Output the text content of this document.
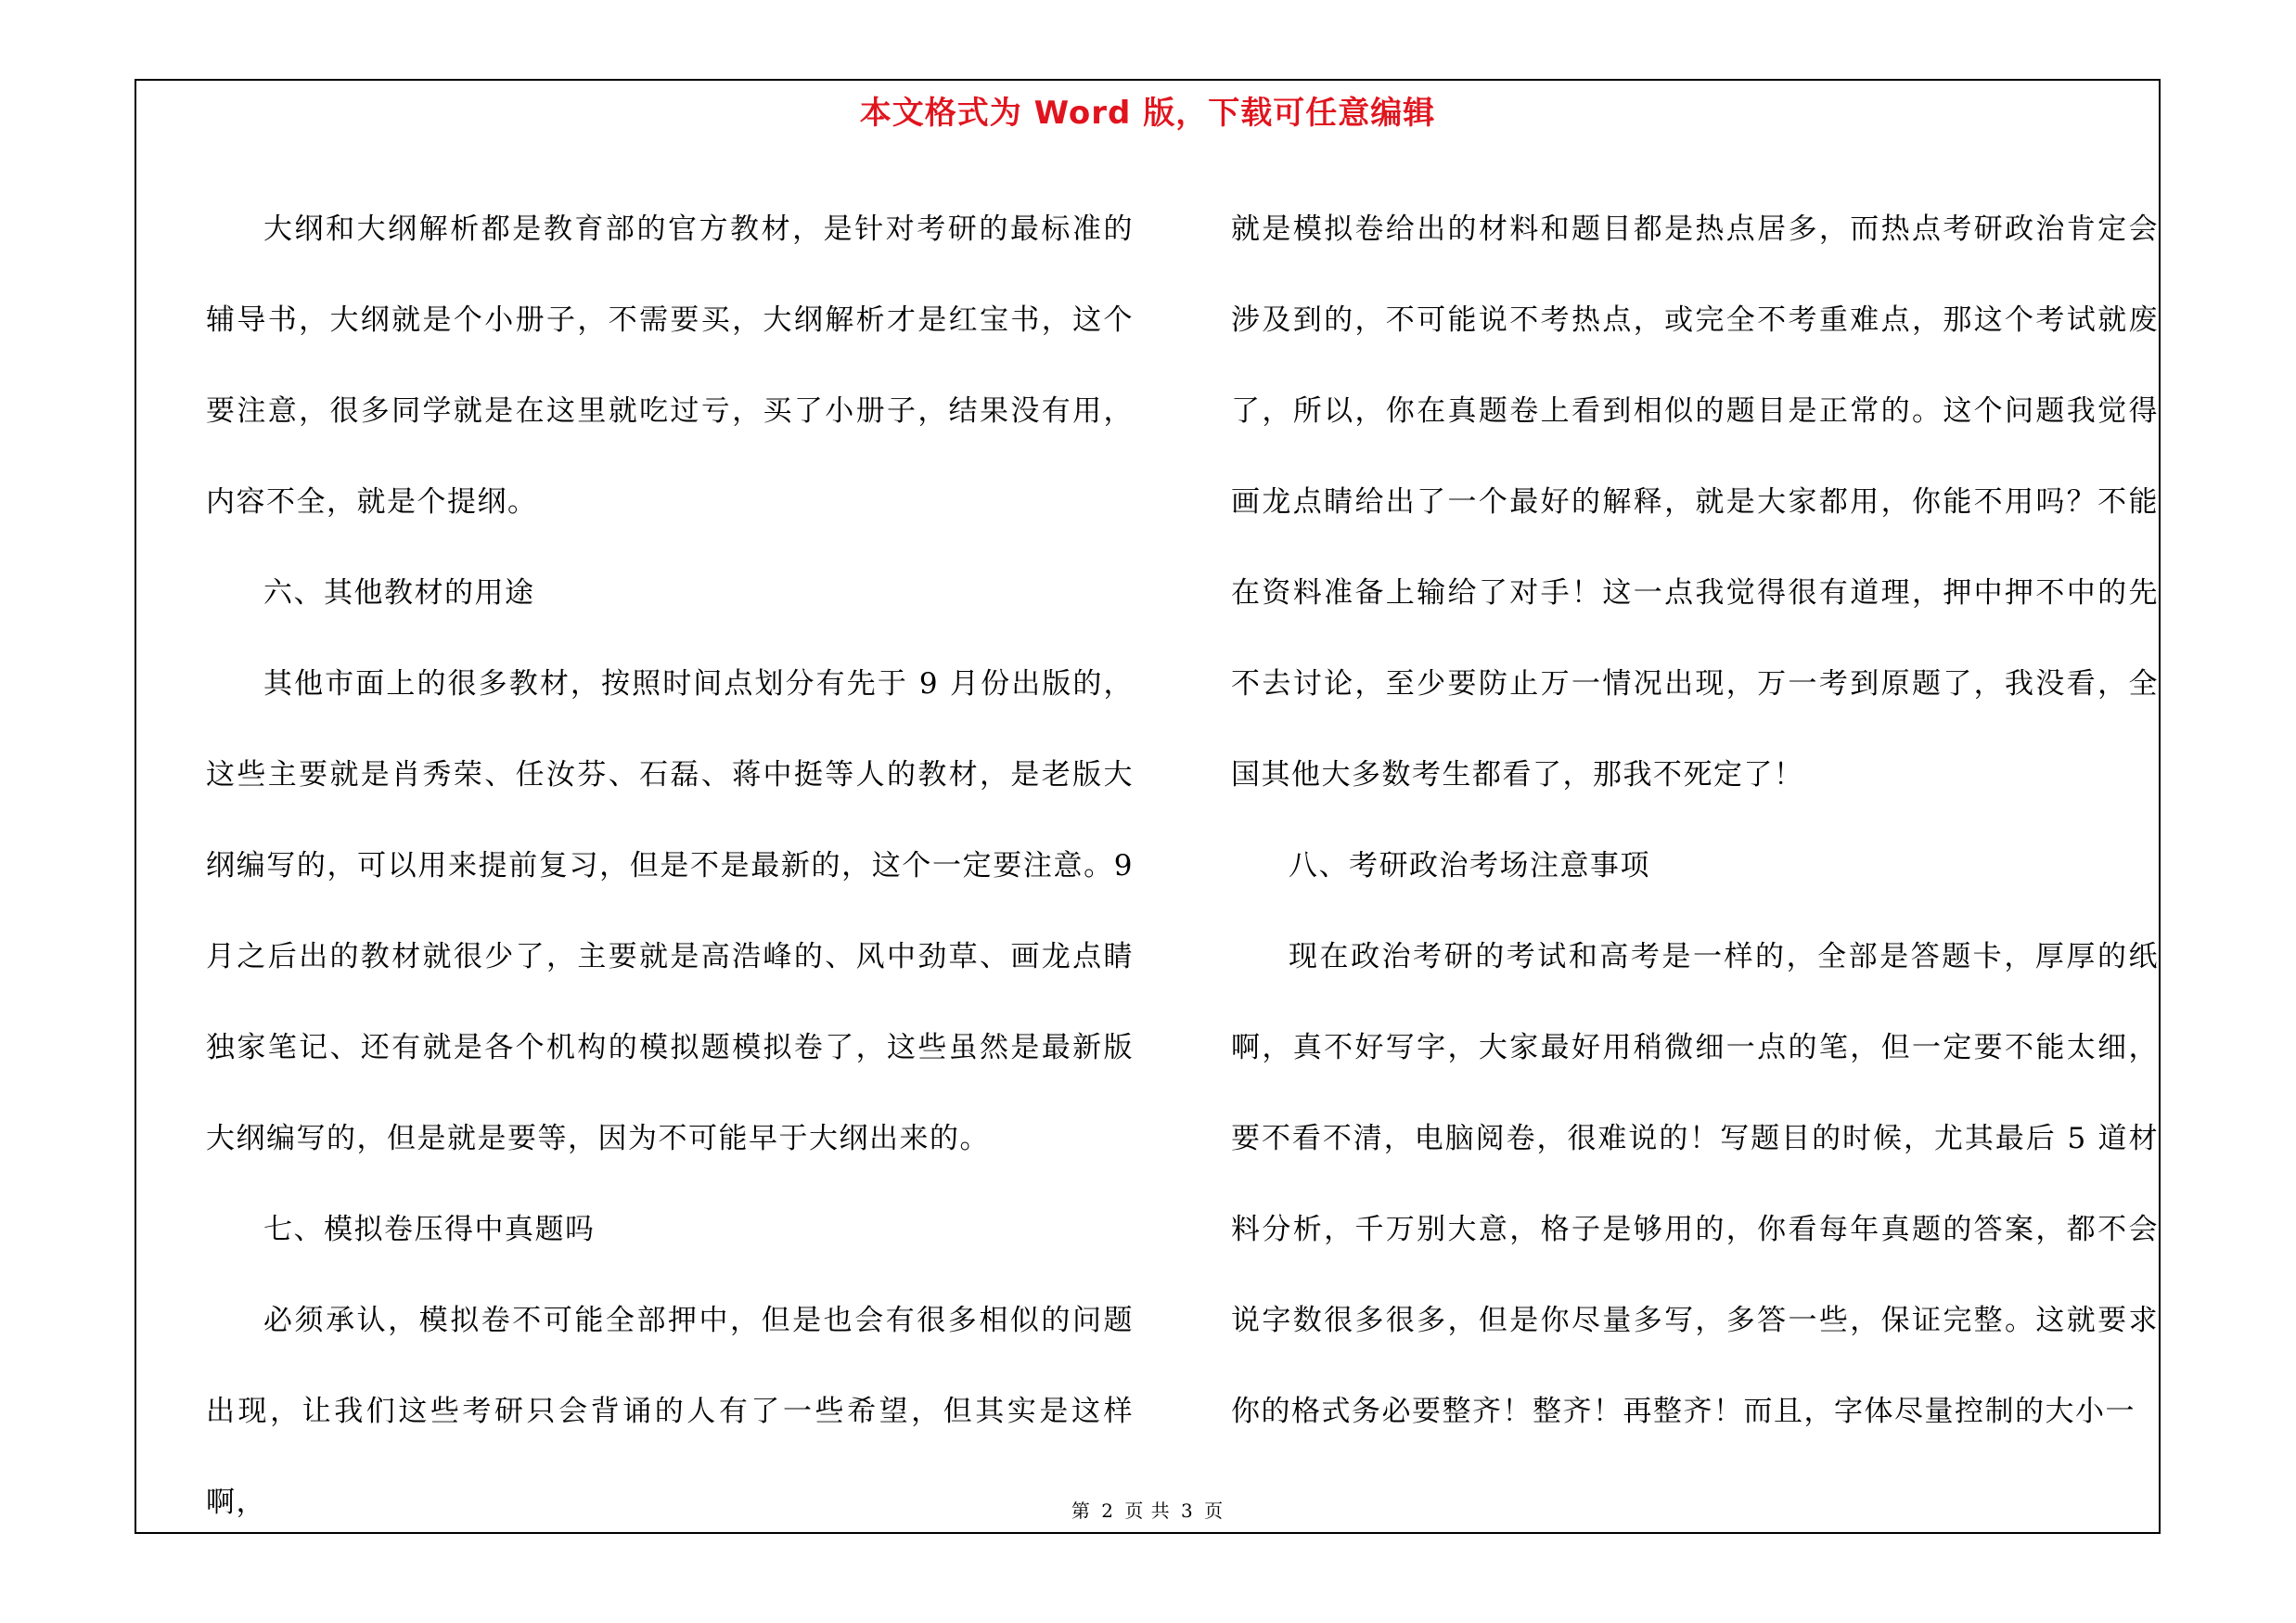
本文格式为 Word 版，下载可任意编辑

大纲和大纲解析都是教育部的官方教材，是针对考研的最标准的辅导书，大纲就是个小册子，不需要买，大纲解析才是红宝书，这个要注意，很多同学就是在这里就吃过亏，买了小册子，结果没有用，内容不全，就是个提纲。

六、其他教材的用途

其他市面上的很多教材，按照时间点划分有先于 9 月份出版的，这些主要就是肖秀荣、任汝芬、石磊、蒋中挺等人的教材，是老版大纲编写的，可以用来提前复习，但是不是最新的，这个一定要注意。9 月之后出的教材就很少了，主要就是高浩峰的、风中劲草、画龙点睛独家笔记、还有就是各个机构的模拟题模拟卷了，这些虽然是最新版大纲编写的，但是就是要等，因为不可能早于大纲出来的。

七、模拟卷压得中真题吗

必须承认，模拟卷不可能全部押中，但是也会有很多相似的问题出现，让我们这些考研只会背诵的人有了一些希望，但其实是这样啊，

就是模拟卷给出的材料和题目都是热点居多，而热点考研政治肯定会涉及到的，不可能说不考热点，或完全不考重难点，那这个考试就废了，所以，你在真题卷上看到相似的题目是正常的。这个问题我觉得画龙点睛给出了一个最好的解释，就是大家都用，你能不用吗？不能在资料准备上输给了对手！这一点我觉得很有道理，押中押不中的先不去讨论，至少要防止万一情况出现，万一考到原题了，我没看，全国其他大多数考生都看了，那我不死定了！

八、考研政治考场注意事项

现在政治考研的考试和高考是一样的，全部是答题卡，厚厚的纸啊，真不好写字，大家最好用稍微细一点的笔，但一定要不能太细，要不看不清，电脑阅卷，很难说的！写题目的时候，尤其最后 5 道材料分析，千万别大意，格子是够用的，你看每年真题的答案，都不会说字数很多很多，但是你尽量多写，多答一些，保证完整。这就要求你的格式务必要整齐！整齐！再整齐！而且，字体尽量控制的大小一

第 2 页 共 3 页
